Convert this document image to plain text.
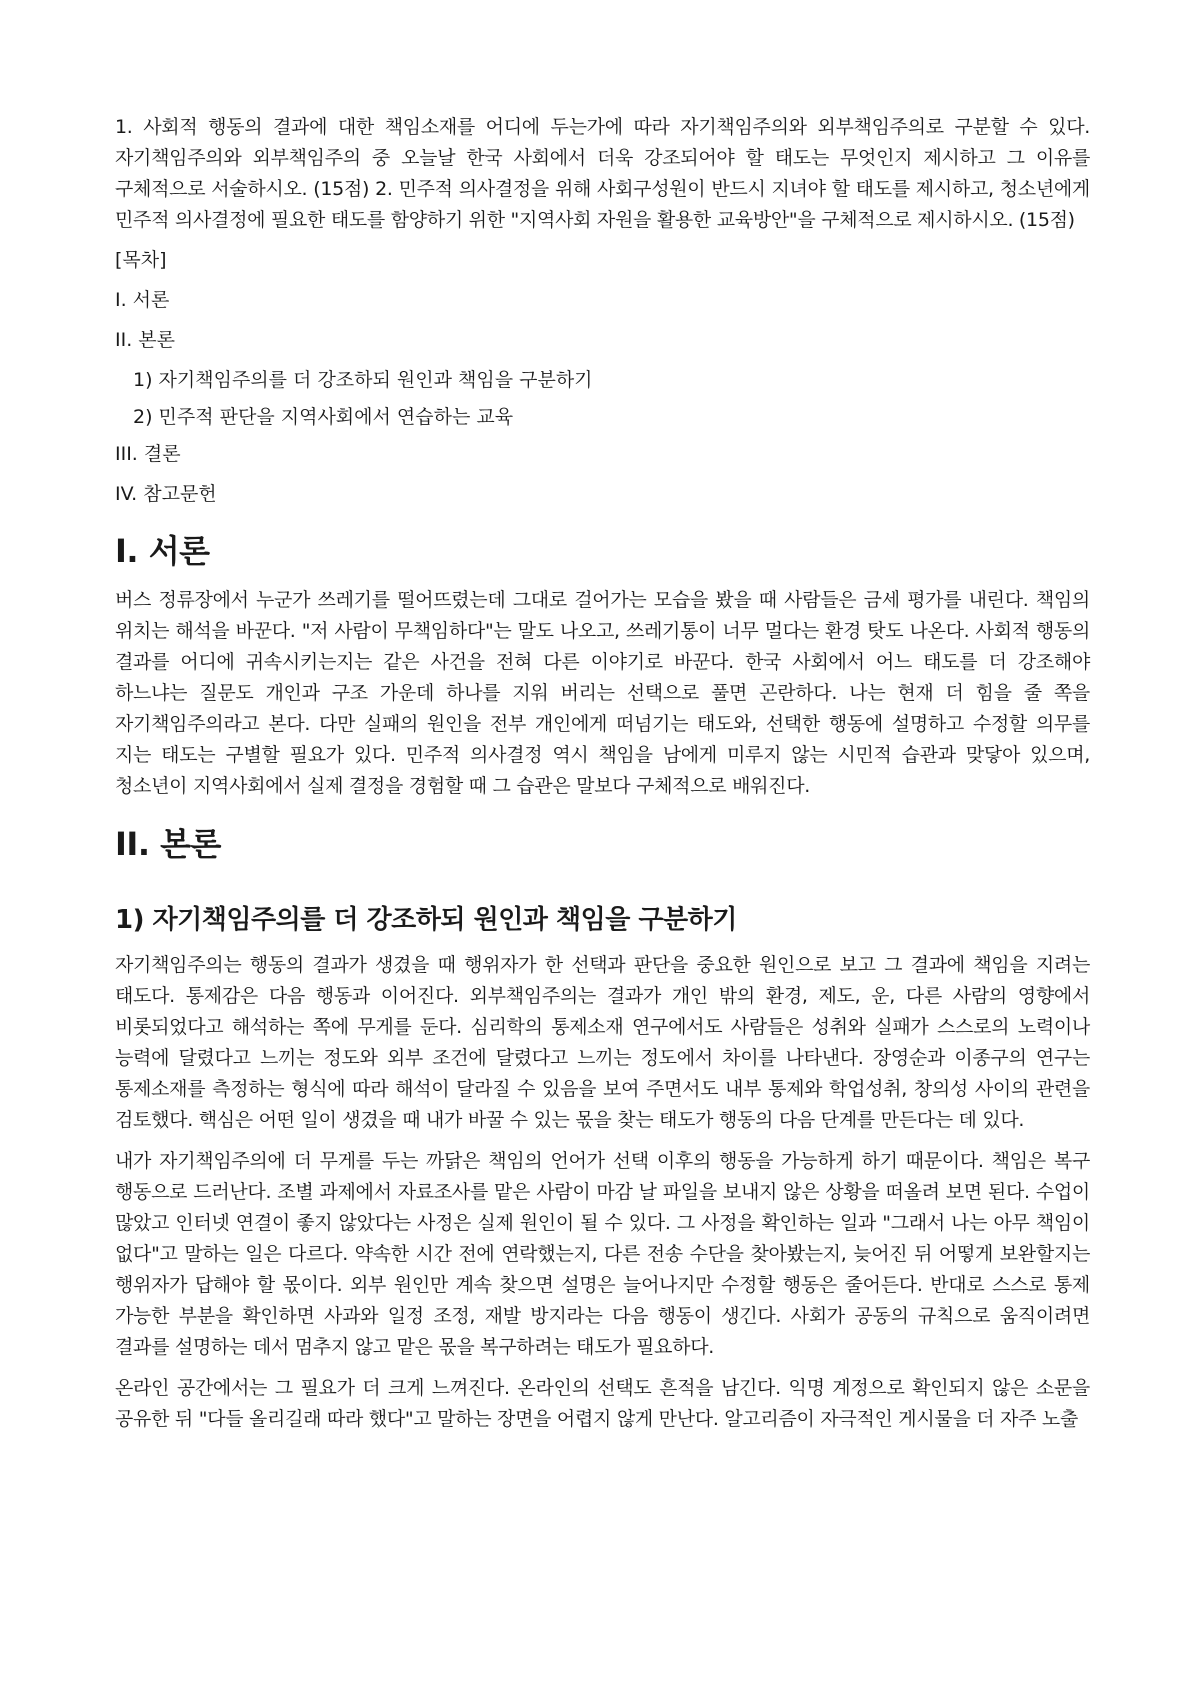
1. 사회적 행동의 결과에 대한 책임소재를 어디에 두는가에 따라 자기책임주의와 외부책임주의로 구분할 수 있다. 자기책임주의와 외부책임주의 중 오늘날 한국 사회에서 더욱 강조되어야 할 태도는 무엇인지 제시하고 그 이유를 구체적으로 서술하시오. (15점) 2. 민주적 의사결정을 위해 사회구성원이 반드시 지녀야 할 태도를 제시하고, 청소년에게 민주적 의사결정에 필요한 태도를 함양하기 위한 "지역사회 자원을 활용한 교육방안"을 구체적으로 제시하시오. (15점)

[목차]
I. 서론
II. 본론
1) 자기책임주의를 더 강조하되 원인과 책임을 구분하기
2) 민주적 판단을 지역사회에서 연습하는 교육
III. 결론
IV. 참고문헌
I. 서론

버스 정류장에서 누군가 쓰레기를 떨어뜨렸는데 그대로 걸어가는 모습을 봤을 때 사람들은 금세 평가를 내린다. 책임의 위치는 해석을 바꾼다. "저 사람이 무책임하다"는 말도 나오고, 쓰레기통이 너무 멀다는 환경 탓도 나온다. 사회적 행동의 결과를 어디에 귀속시키는지는 같은 사건을 전혀 다른 이야기로 바꾼다. 한국 사회에서 어느 태도를 더 강조해야 하느냐는 질문도 개인과 구조 가운데 하나를 지워 버리는 선택으로 풀면 곤란하다. 나는 현재 더 힘을 줄 쪽을 자기책임주의라고 본다. 다만 실패의 원인을 전부 개인에게 떠넘기는 태도와, 선택한 행동에 설명하고 수정할 의무를 지는 태도는 구별할 필요가 있다. 민주적 의사결정 역시 책임을 남에게 미루지 않는 시민적 습관과 맞닿아 있으며, 청소년이 지역사회에서 실제 결정을 경험할 때 그 습관은 말보다 구체적으로 배워진다.

II. 본론
1) 자기책임주의를 더 강조하되 원인과 책임을 구분하기

자기책임주의는 행동의 결과가 생겼을 때 행위자가 한 선택과 판단을 중요한 원인으로 보고 그 결과에 책임을 지려는 태도다. 통제감은 다음 행동과 이어진다. 외부책임주의는 결과가 개인 밖의 환경, 제도, 운, 다른 사람의 영향에서 비롯되었다고 해석하는 쪽에 무게를 둔다. 심리학의 통제소재 연구에서도 사람들은 성취와 실패가 스스로의 노력이나 능력에 달렸다고 느끼는 정도와 외부 조건에 달렸다고 느끼는 정도에서 차이를 나타낸다. 장영순과 이종구의 연구는 통제소재를 측정하는 형식에 따라 해석이 달라질 수 있음을 보여 주면서도 내부 통제와 학업성취, 창의성 사이의 관련을 검토했다. 핵심은 어떤 일이 생겼을 때 내가 바꿀 수 있는 몫을 찾는 태도가 행동의 다음 단계를 만든다는 데 있다.

내가 자기책임주의에 더 무게를 두는 까닭은 책임의 언어가 선택 이후의 행동을 가능하게 하기 때문이다. 책임은 복구 행동으로 드러난다. 조별 과제에서 자료조사를 맡은 사람이 마감 날 파일을 보내지 않은 상황을 떠올려 보면 된다. 수업이 많았고 인터넷 연결이 좋지 않았다는 사정은 실제 원인이 될 수 있다. 그 사정을 확인하는 일과 "그래서 나는 아무 책임이 없다"고 말하는 일은 다르다. 약속한 시간 전에 연락했는지, 다른 전송 수단을 찾아봤는지, 늦어진 뒤 어떻게 보완할지는 행위자가 답해야 할 몫이다. 외부 원인만 계속 찾으면 설명은 늘어나지만 수정할 행동은 줄어든다. 반대로 스스로 통제 가능한 부분을 확인하면 사과와 일정 조정, 재발 방지라는 다음 행동이 생긴다. 사회가 공동의 규칙으로 움직이려면 결과를 설명하는 데서 멈추지 않고 맡은 몫을 복구하려는 태도가 필요하다.

온라인 공간에서는 그 필요가 더 크게 느껴진다. 온라인의 선택도 흔적을 남긴다. 익명 계정으로 확인되지 않은 소문을 공유한 뒤 "다들 올리길래 따라 했다"고 말하는 장면을 어렵지 않게 만난다. 알고리즘이 자극적인 게시물을 더 자주 노출
